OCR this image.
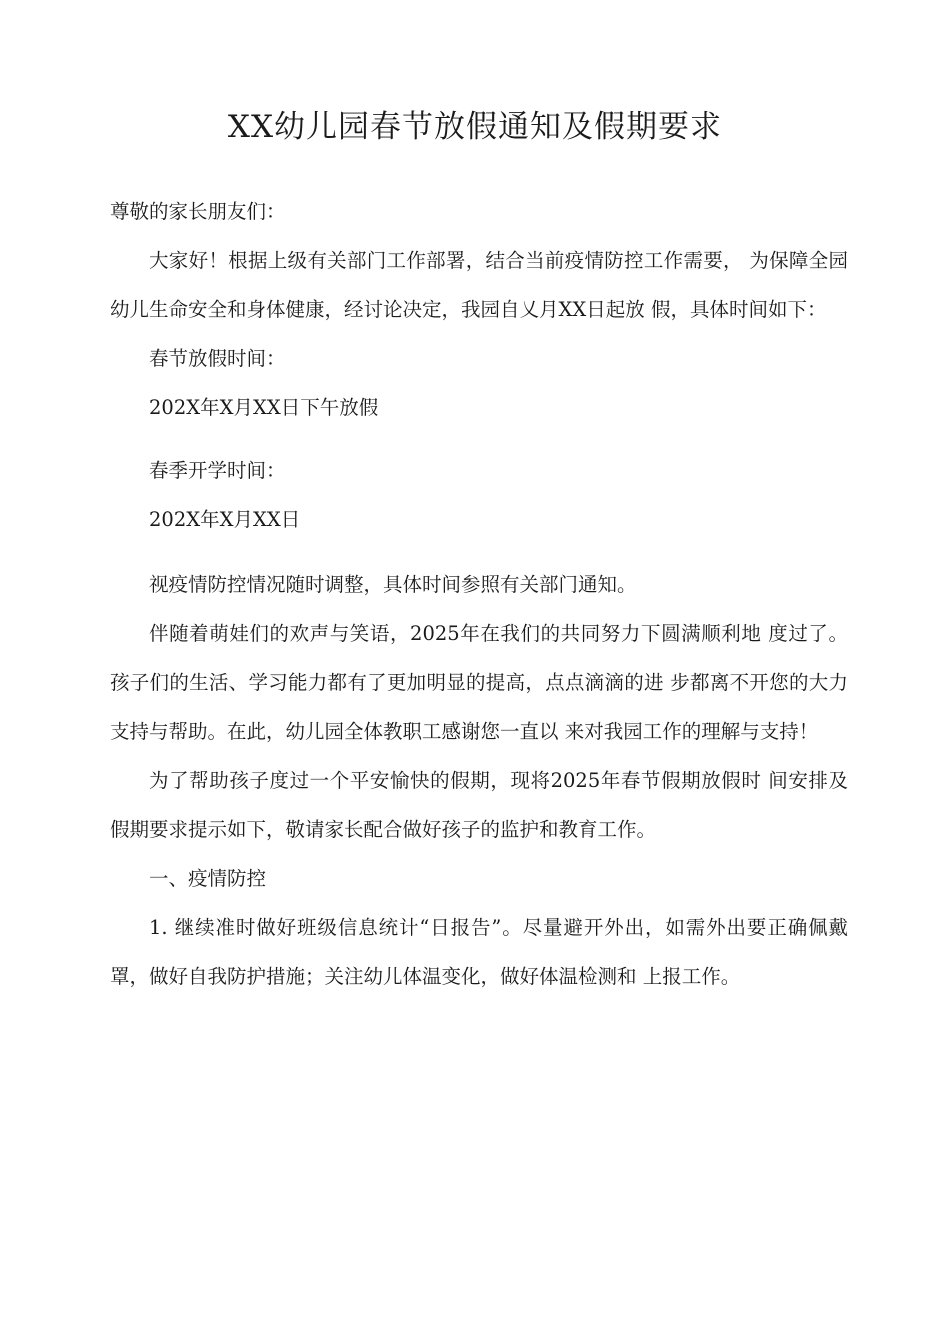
XX幼儿园春节放假通知及假期要求

尊敬的家长朋友们：

大家好！根据上级有关部门工作部署，结合当前疫情防控工作需要， 为保障全园幼儿生命安全和身体健康，经讨论决定，我园自乂月XX日起放 假，具体时间如下：

春节放假时间：

202X年X月XX日下午放假

春季开学时间：

202X年X月XX日

视疫情防控情况随时调整，具体时间参照有关部门通知。

伴随着萌娃们的欢声与笑语，2025年在我们的共同努力下圆满顺利地 度过了。孩子们的生活、学习能力都有了更加明显的提高，点点滴滴的进 步都离不开您的大力支持与帮助。在此，幼儿园全体教职工感谢您一直以 来对我园工作的理解与支持！

为了帮助孩子度过一个平安愉快的假期，现将2025年春节假期放假时 间安排及假期要求提示如下，敬请家长配合做好孩子的监护和教育工作。

一、疫情防控

1. 继续准时做好班级信息统计“日报告”。尽量避开外出，如需外出要正确佩戴罩，做好自我防护措施；关注幼儿体温变化，做好体温检测和 上报工作。
